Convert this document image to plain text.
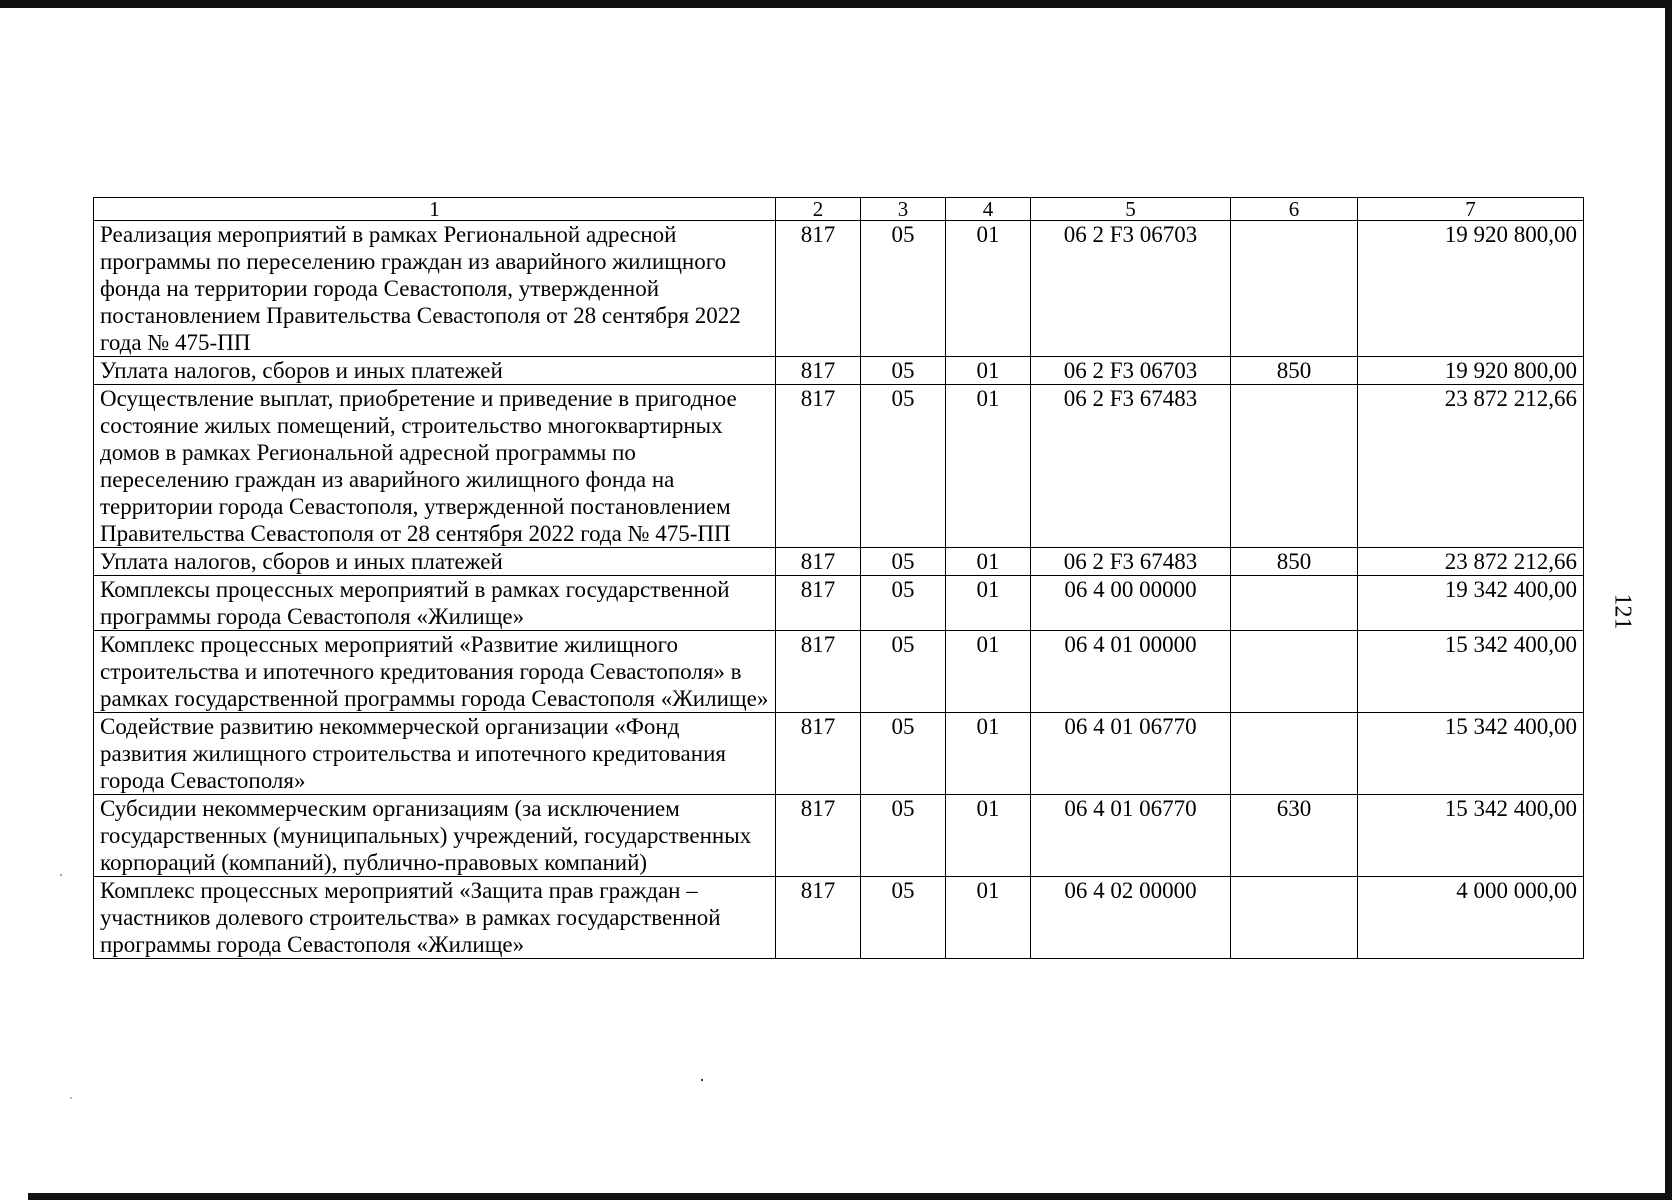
1	2	3	4	5	6	7
Реализация мероприятий в рамках Региональной адресной программы по переселению граждан из аварийного жилищного фонда на территории города Севастополя, утвержденной постановлением Правительства Севастополя от 28 сентября 2022 года № 475-ПП	817	05	01	06 2 F3 06703		19 920 800,00
Уплата налогов, сборов и иных платежей	817	05	01	06 2 F3 06703	850	19 920 800,00
Осуществление выплат, приобретение и приведение в пригодное состояние жилых помещений, строительство многоквартирных домов в рамках Региональной адресной программы по переселению граждан из аварийного жилищного фонда на территории города Севастополя, утвержденной постановлением Правительства Севастополя от 28 сентября 2022 года № 475-ПП	817	05	01	06 2 F3 67483		23 872 212,66
Уплата налогов, сборов и иных платежей	817	05	01	06 2 F3 67483	850	23 872 212,66
Комплексы процессных мероприятий в рамках государственной программы города Севастополя «Жилище»	817	05	01	06 4 00 00000		19 342 400,00
Комплекс процессных мероприятий «Развитие жилищного строительства и ипотечного кредитования города Севастополя» в рамках государственной программы города Севастополя «Жилище»	817	05	01	06 4 01 00000		15 342 400,00
Содействие развитию некоммерческой организации «Фонд развития жилищного строительства и ипотечного кредитования города Севастополя»	817	05	01	06 4 01 06770		15 342 400,00
Субсидии некоммерческим организациям (за исключением государственных (муниципальных) учреждений, государственных корпораций (компаний), публично-правовых компаний)	817	05	01	06 4 01 06770	630	15 342 400,00
Комплекс процессных мероприятий «Защита прав граждан – участников долевого строительства» в рамках государственной программы города Севастополя «Жилище»	817	05	01	06 4 02 00000		4 000 000,00
121
